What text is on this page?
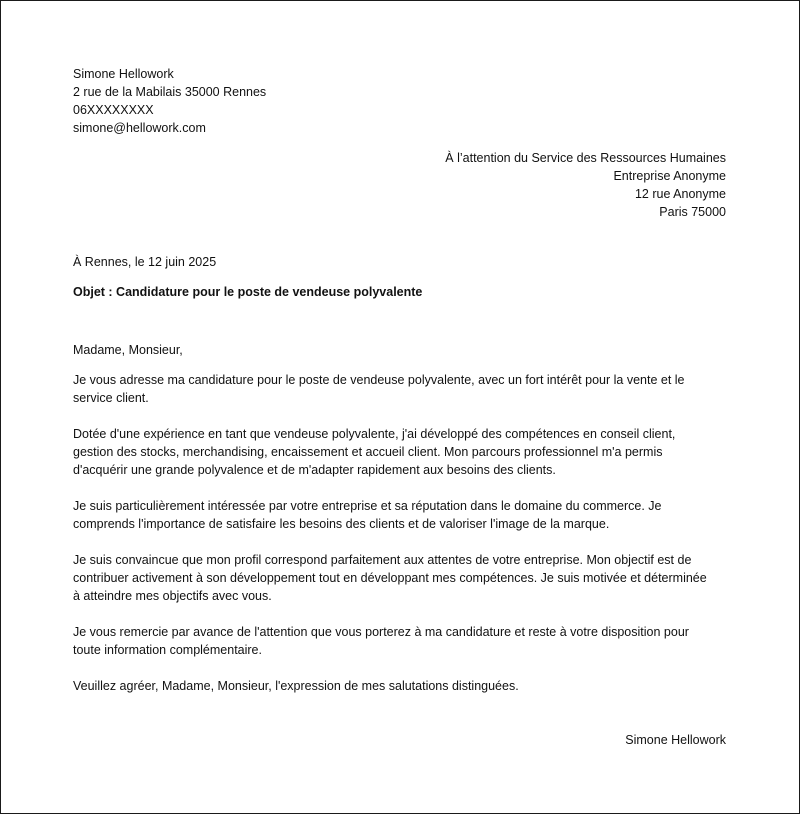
Simone Hellowork

2 rue de la Mabilais 35000 Rennes

06XXXXXXXX

simone@hellowork.com

À l’attention du Service des Ressources Humaines

Entreprise Anonyme

12 rue Anonyme

Paris 75000

À Rennes, le 12 juin 2025

Objet : Candidature pour le poste de vendeuse polyvalente

Madame, Monsieur,

Je vous adresse ma candidature pour le poste de vendeuse polyvalente, avec un fort intérêt pour la vente et le

service client.

Dotée d'une expérience en tant que vendeuse polyvalente, j'ai développé des compétences en conseil client,

gestion des stocks, merchandising, encaissement et accueil client. Mon parcours professionnel m'a permis

d'acquérir une grande polyvalence et de m'adapter rapidement aux besoins des clients.

Je suis particulièrement intéressée par votre entreprise et sa réputation dans le domaine du commerce. Je

comprends l'importance de satisfaire les besoins des clients et de valoriser l'image de la marque.

Je suis convaincue que mon profil correspond parfaitement aux attentes de votre entreprise. Mon objectif est de

contribuer activement à son développement tout en développant mes compétences. Je suis motivée et déterminée

à atteindre mes objectifs avec vous.

Je vous remercie par avance de l'attention que vous porterez à ma candidature et reste à votre disposition pour

toute information complémentaire.

Veuillez agréer, Madame, Monsieur, l'expression de mes salutations distinguées.

Simone Hellowork
